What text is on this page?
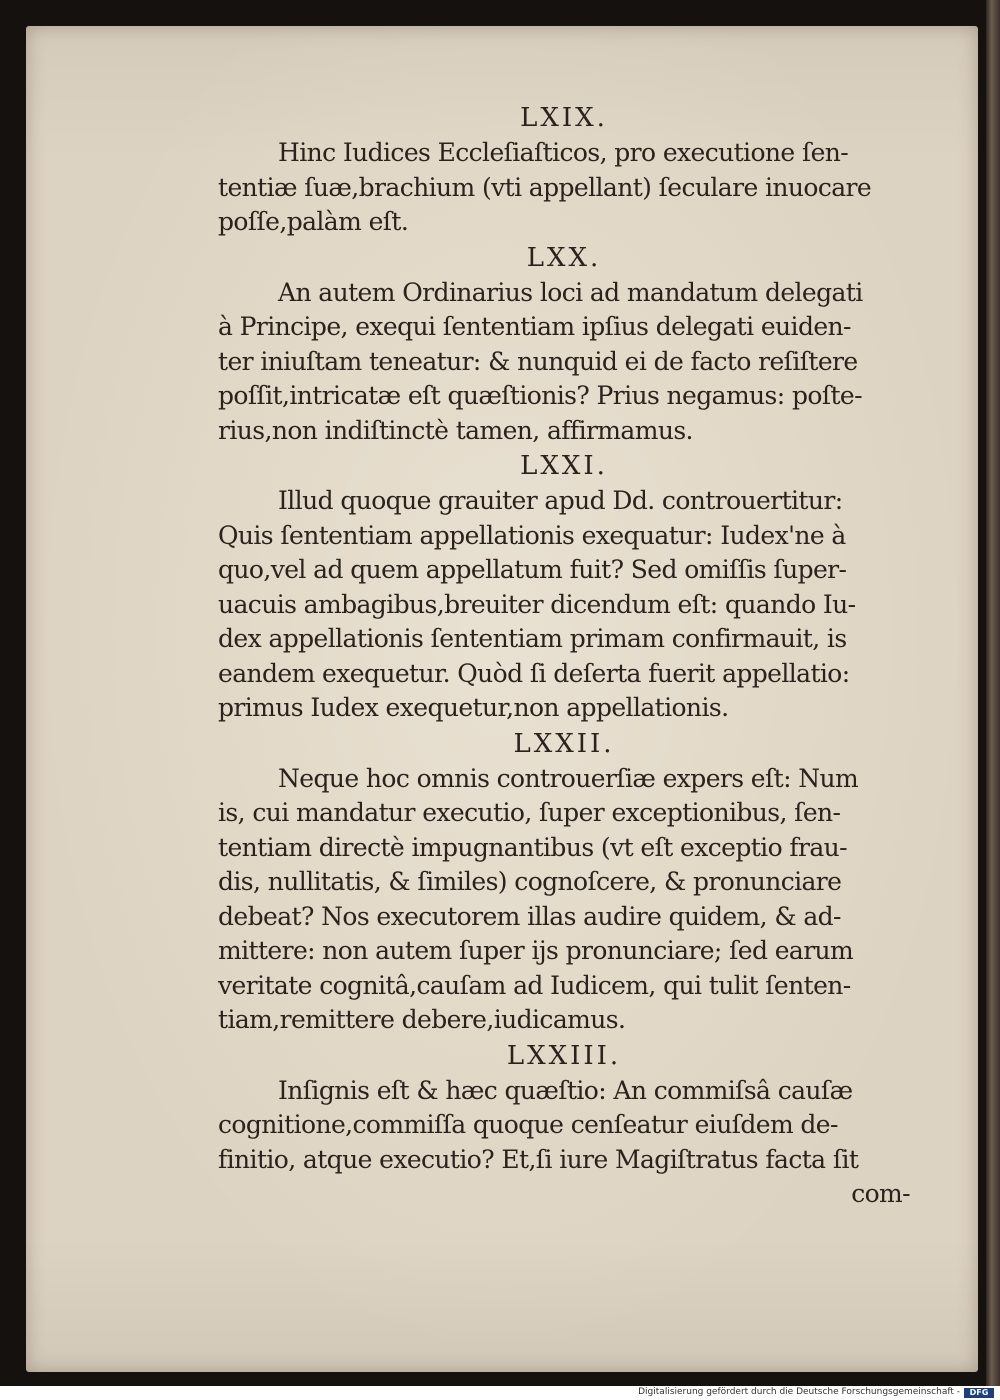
LXIX.

Hinc Iudices Eccleſiaſticos, pro executione ſen-

tentiæ ſuæ,brachium (vti appellant) ſeculare inuocare

poſſe,palàm eſt.

LXX.

An autem Ordinarius loci ad mandatum delegati

à Principe, exequi ſententiam ipſius delegati euiden-

ter iniuſtam teneatur: & nunquid ei de facto reſiſtere

poſſit,intricatæ eſt quæſtionis? Prius negamus: poſte-

rius,non indiſtinctè tamen, affirmamus.

LXXI.

Illud quoque grauiter apud Dd. controuertitur:

Quis ſententiam appellationis exequatur: Iudex'ne à

quo,vel ad quem appellatum fuit? Sed omiſſis ſuper-

uacuis ambagibus,breuiter dicendum eſt: quando Iu-

dex appellationis ſententiam primam confirmauit, is

eandem exequetur. Quòd ſi deſerta fuerit appellatio:

primus Iudex exequetur,non appellationis.

LXXII.

Neque hoc omnis controuerſiæ expers eſt: Num

is, cui mandatur executio, ſuper exceptionibus, ſen-

tentiam directè impugnantibus (vt eſt exceptio frau-

dis, nullitatis, & ſimiles) cognoſcere, & pronunciare

debeat? Nos executorem illas audire quidem, & ad-

mittere: non autem ſuper ijs pronunciare; ſed earum

veritate cognitâ,cauſam ad Iudicem, qui tulit ſenten-

tiam,remittere debere,iudicamus.

LXXIII.

Inſignis eſt & hæc quæſtio: An commiſsâ cauſæ

cognitione,commiſſa quoque cenſeatur eiuſdem de-

finitio, atque executio? Et,ſi iure Magiſtratus facta ſit

com-

Digitalisierung gefördert durch die Deutsche Forschungsgemeinschaft -	DFG
